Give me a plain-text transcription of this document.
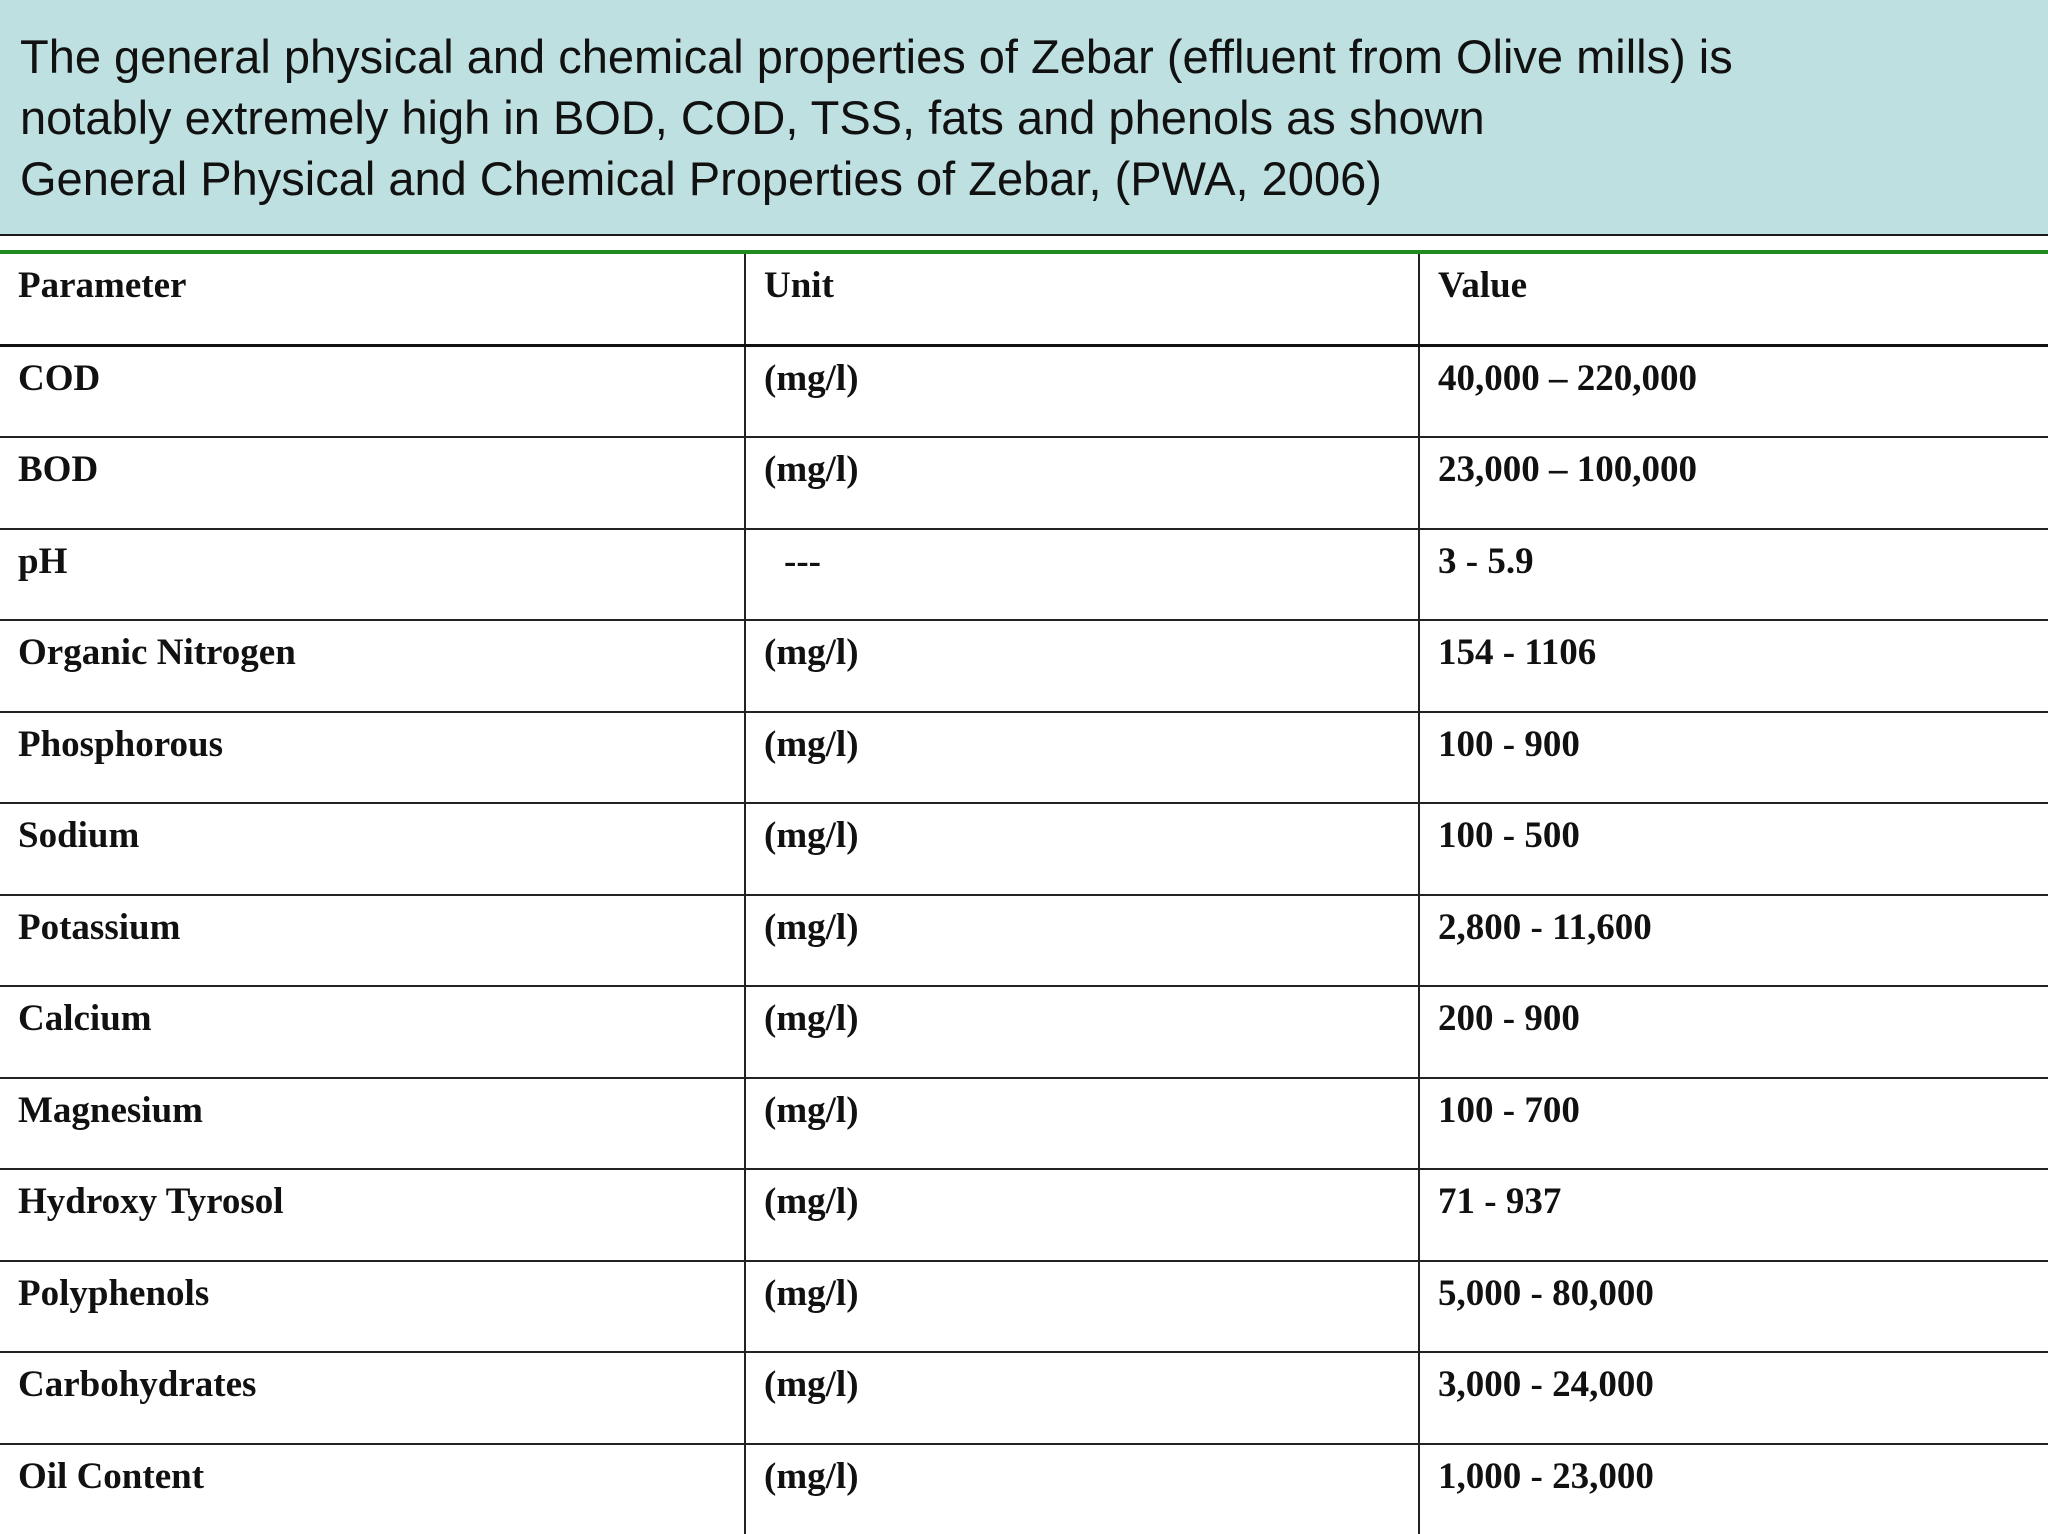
The general physical and chemical properties of Zebar (effluent from Olive mills) is
notably extremely high in BOD, COD, TSS, fats and phenols as shown
General Physical and Chemical Properties of Zebar, (PWA, 2006)
Parameter	Unit	Value
COD	(mg/l)	40,000 – 220,000
BOD	(mg/l)	23,000 – 100,000
pH	---	3 - 5.9
Organic Nitrogen	(mg/l)	154 - 1106
Phosphorous	(mg/l)	100 - 900
Sodium	(mg/l)	100 - 500
Potassium	(mg/l)	2,800 - 11,600
Calcium	(mg/l)	200 - 900
Magnesium	(mg/l)	100 - 700
Hydroxy Tyrosol	(mg/l)	71 - 937
Polyphenols	(mg/l)	5,000 - 80,000
Carbohydrates	(mg/l)	3,000 - 24,000
Oil Content	(mg/l)	1,000 - 23,000
